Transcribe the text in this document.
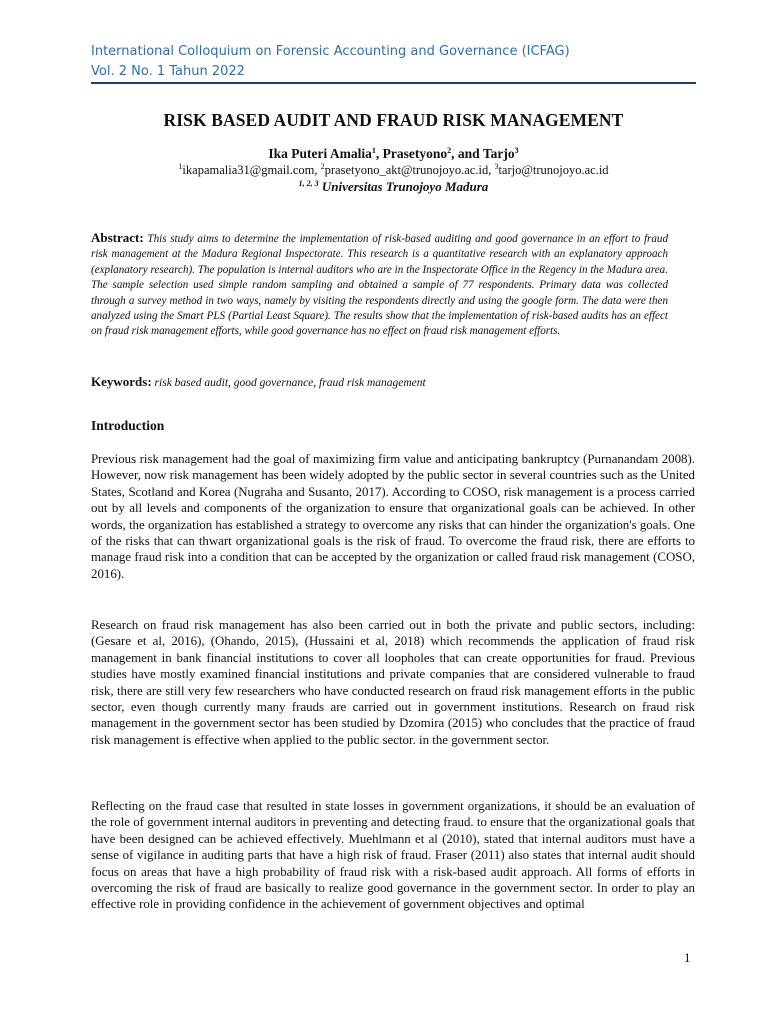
International Colloquium on Forensic Accounting and Governance (ICFAG)
Vol. 2 No. 1 Tahun 2022
RISK BASED AUDIT AND FRAUD RISK MANAGEMENT
Ika Puteri Amalia$^1$, Prasetyono$^2$, and Tarjo$^3$
$^1$ikapamalia31@gmail.com, $^2$prasetyono_akt@trunojoyo.ac.id, $^3$tarjo@trunojoyo.ac.id
$^{1, 2, 3}$ Universitas Trunojoyo Madura
Abstract: This study aims to determine the implementation of risk-based auditing and good governance in an effort to fraud risk management at the Madura Regional Inspectorate. This research is a quantitative research with an explanatory approach (explanatory research). The population is internal auditors who are in the Inspectorate Office in the Regency in the Madura area. The sample selection used simple random sampling and obtained a sample of 77 respondents. Primary data was collected through a survey method in two ways, namely by visiting the respondents directly and using the google form. The data were then analyzed using the Smart PLS (Partial Least Square). The results show that the implementation of risk-based audits has an effect on fraud risk management efforts, while good governance has no effect on fraud risk management efforts.
Keywords: risk based audit, good governance, fraud risk management
Introduction
Previous risk management had the goal of maximizing firm value and anticipating bankruptcy (Purnanandam 2008). However, now risk management has been widely adopted by the public sector in several countries such as the United States, Scotland and Korea (Nugraha and Susanto, 2017). According to COSO, risk management is a process carried out by all levels and components of the organization to ensure that organizational goals can be achieved. In other words, the organization has established a strategy to overcome any risks that can hinder the organization's goals. One of the risks that can thwart organizational goals is the risk of fraud. To overcome the fraud risk, there are efforts to manage fraud risk into a condition that can be accepted by the organization or called fraud risk management (COSO, 2016).
Research on fraud risk management has also been carried out in both the private and public sectors, including: (Gesare et al, 2016), (Ohando, 2015), (Hussaini et al, 2018) which recommends the application of fraud risk management in bank financial institutions to cover all loopholes that can create opportunities for fraud. Previous studies have mostly examined financial institutions and private companies that are considered vulnerable to fraud risk, there are still very few researchers who have conducted research on fraud risk management efforts in the public sector, even though currently many frauds are carried out in government institutions. Research on fraud risk management in the government sector has been studied by Dzomira (2015) who concludes that the practice of fraud risk management is effective when applied to the public sector. in the government sector.
Reflecting on the fraud case that resulted in state losses in government organizations, it should be an evaluation of the role of government internal auditors in preventing and detecting fraud. to ensure that the organizational goals that have been designed can be achieved effectively. Muehlmann et al (2010), stated that internal auditors must have a sense of vigilance in auditing parts that have a high risk of fraud. Fraser (2011) also states that internal audit should focus on areas that have a high probability of fraud risk with a risk-based audit approach. All forms of efforts in overcoming the risk of fraud are basically to realize good governance in the government sector. In order to play an effective role in providing confidence in the achievement of government objectives and optimal
1
